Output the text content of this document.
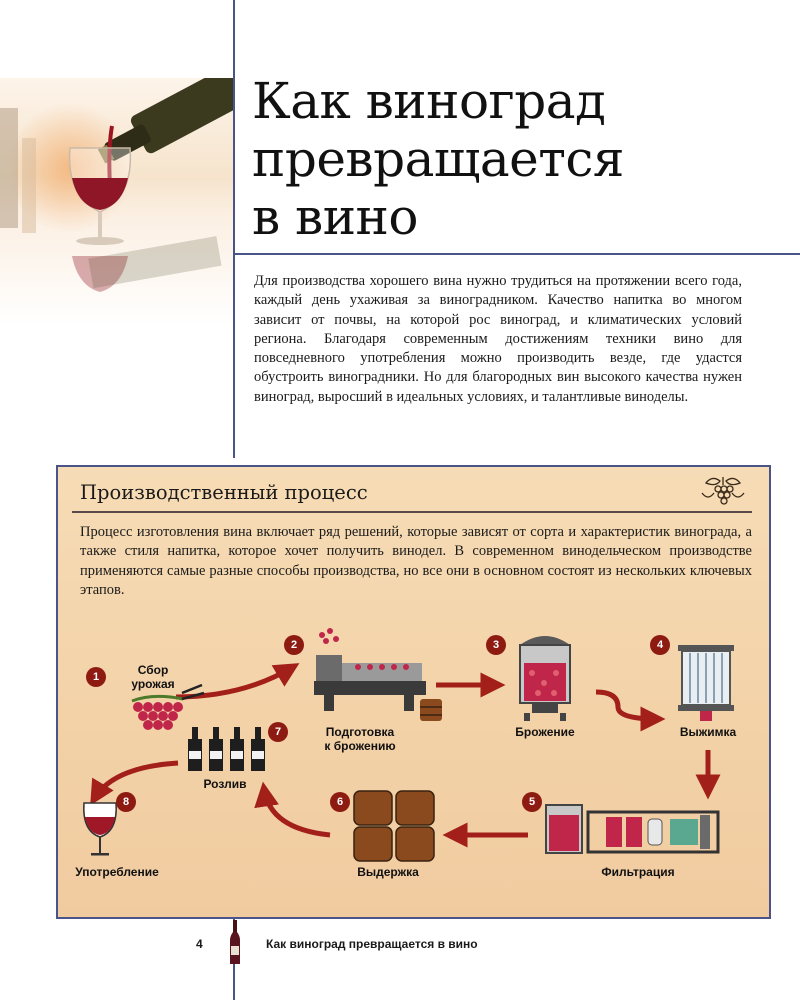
Как виноград
превращается
в вино

Для производства хорошего вина нужно трудиться на протяжении всего года, каждый день ухаживая за виноградником. Качество напитка во многом зависит от почвы, на которой рос виноград, и климатических условий региона. Благодаря современным достижениям техники вино для повседневного употребления можно производить везде, где удастся обустроить виноградники. Но для благородных вин высокого качества нужен виноград, выросший в идеальных условиях, и талантливые виноделы.

Производственный процесс

Процесс изготовления вина включает ряд решений, которые зависят от сорта и характеристик винограда, а также стиля напитка, которое хочет получить винодел. В современном винодельческом производстве применяются самые разные способы производства, но все они в основном состоят из нескольких ключевых этапов.

1
2	3	4
5
6
7
8
Сбор
урожая
Подготовка
к брожению
Брожение	Выжимка
Фильтрация
Выдержка
Розлив
Употребление
4	Как виноград превращается в вино
